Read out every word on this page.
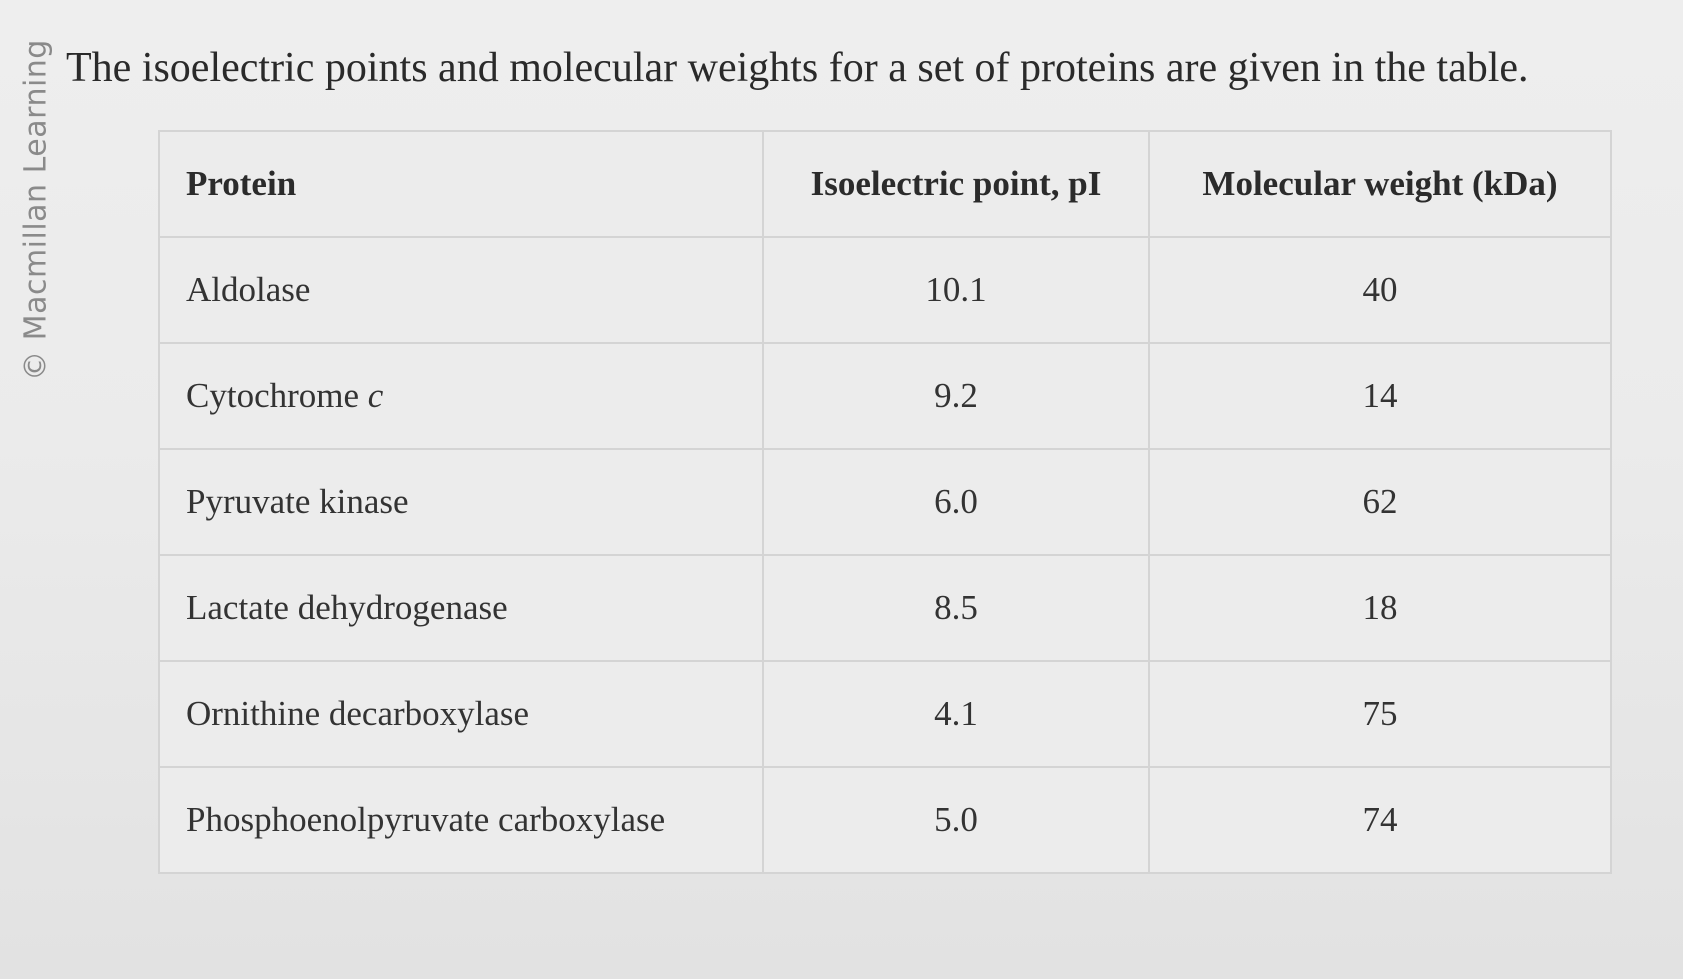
© Macmillan Learning The isoelectric points and molecular weights for a set of proteins are given in the table.
Protein	Isoelectric point, pI	Molecular weight (kDa)
Aldolase	10.1	40
Cytochrome c	9.2	14
Pyruvate kinase	6.0	62
Lactate dehydrogenase	8.5	18
Ornithine decarboxylase	4.1	75
Phosphoenolpyruvate carboxylase	5.0	74
